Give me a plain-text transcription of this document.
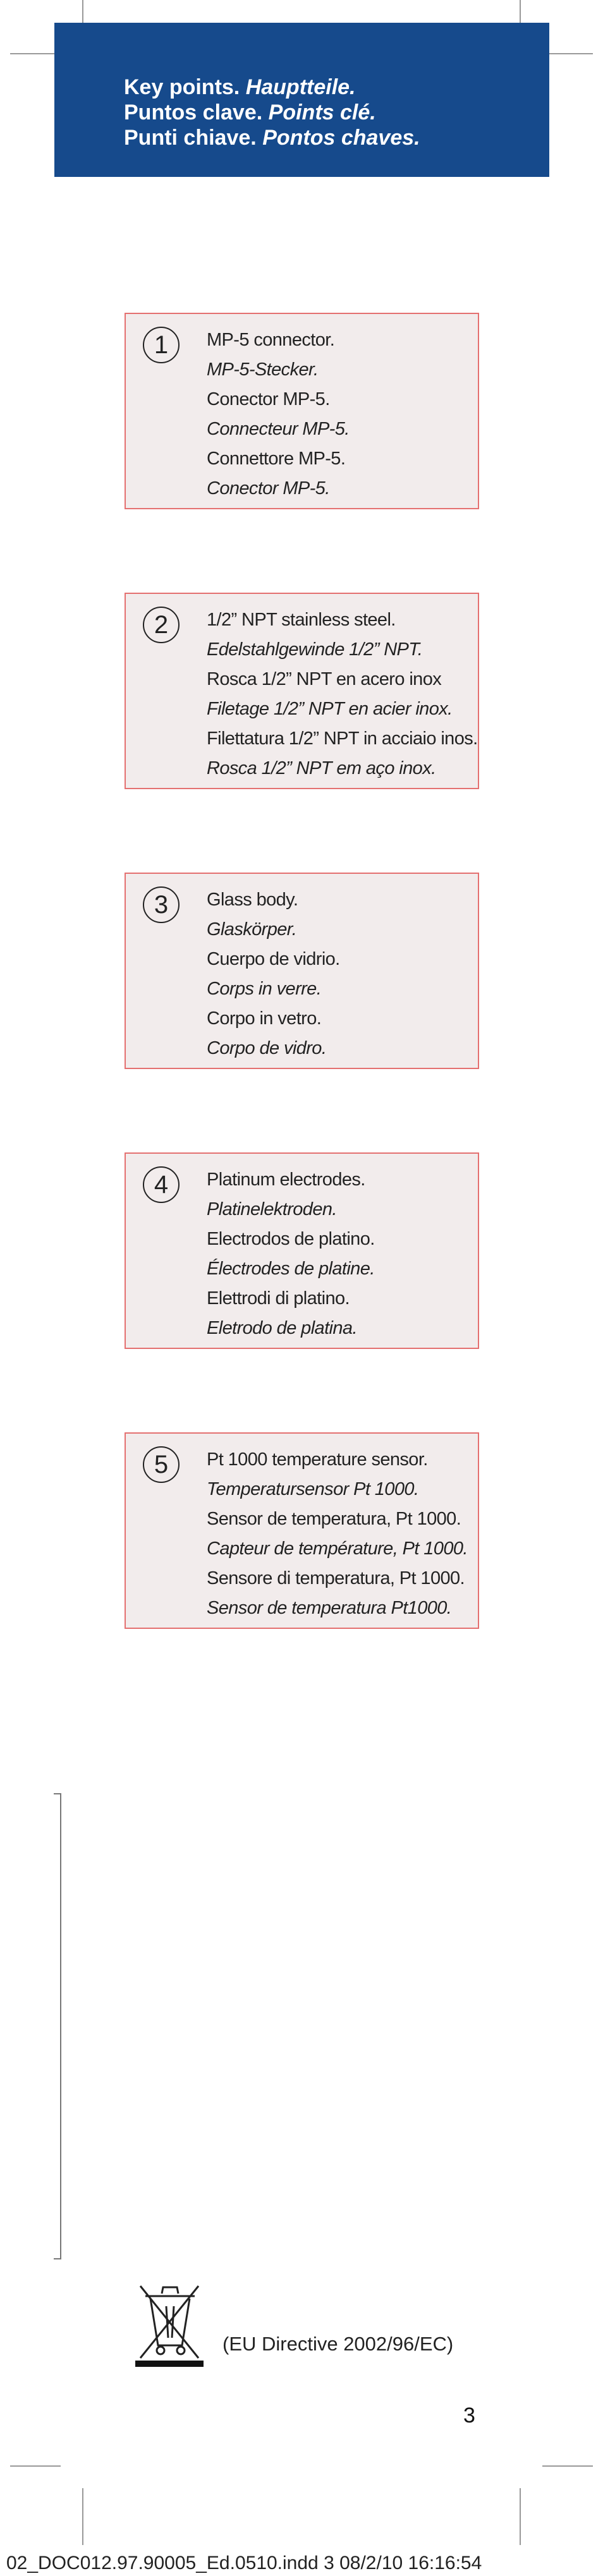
Key points. Hauptteile.
Puntos clave. Points clé.
Punti chiave. Pontos chaves.
1	MP-5 connector.
MP-5-Stecker.
Conector MP-5.
Connecteur MP-5.
Connettore MP-5.
Conector MP-5.
2	1/2” NPT stainless steel.
Edelstahlgewinde 1/2” NPT.
Rosca 1/2” NPT en acero inox
Filetage 1/2” NPT en acier inox.
Filettatura 1/2” NPT in acciaio inos.
Rosca 1/2” NPT em aço inox.
3	Glass body.
Glaskörper.
Cuerpo de vidrio.
Corps in verre.
Corpo in vetro.
Corpo de vidro.
4	Platinum electrodes.
Platinelektroden.
Electrodos de platino.
Électrodes de platine.
Elettrodi di platino.
Eletrodo de platina.
5	Pt 1000 temperature sensor.
Temperatursensor Pt 1000.
Sensor de temperatura, Pt 1000.
Capteur de température, Pt 1000.
Sensore di temperatura, Pt 1000.
Sensor de temperatura Pt1000.
(EU Directive 2002/96/EC)
3
02_DOC012.97.90005_Ed.0510.indd 3 08/2/10 16:16:54
